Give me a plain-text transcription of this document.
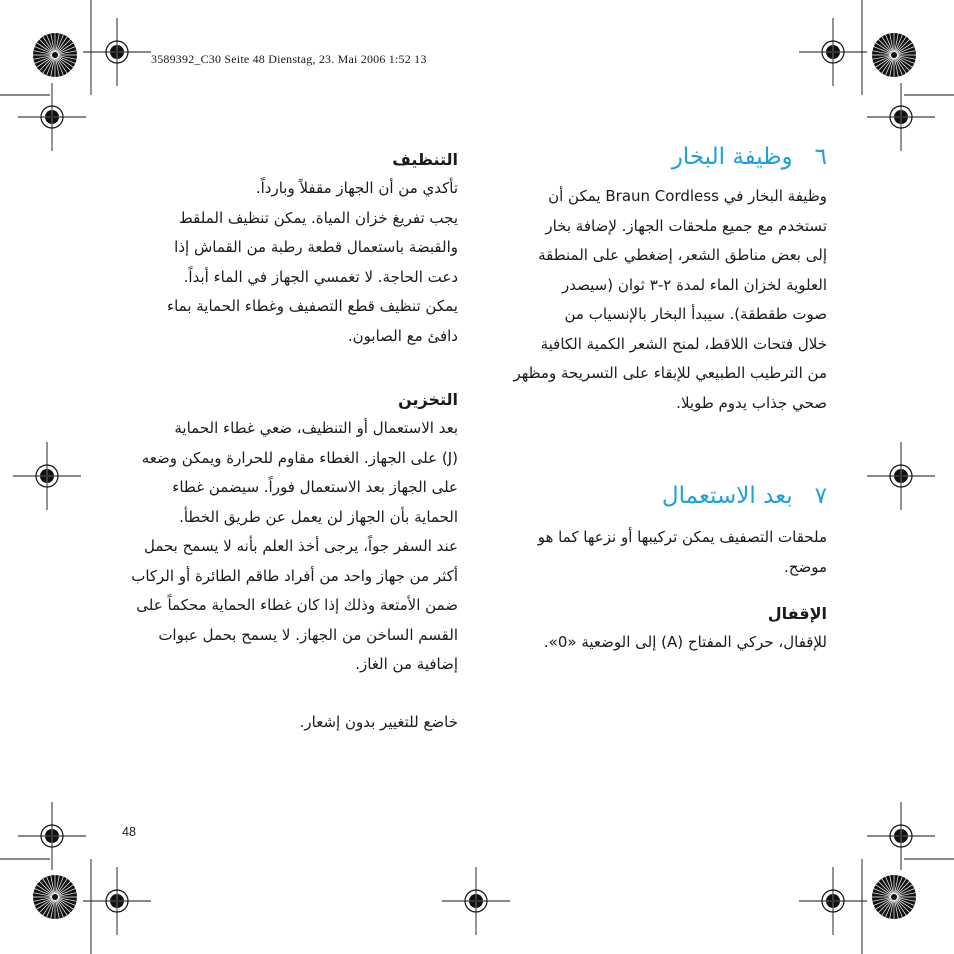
3589392_C30 Seite 48 Dienstag, 23. Mai 2006 1:52 13
٦وظيفة البخار

وظيفة البخار في Braun Cordless يمكن أن
تستخدم مع جميع ملحقات الجهاز. لإضافة بخار
إلى بعض مناطق الشعر، إضغطي على المنطقة
العلوية لخزان الماء لمدة ٢-٣ ثوان (سيصدر
صوت طقطقة). سيبدأ البخار بالإنسياب من
خلال فتحات اللاقط، لمنح الشعر الكمية الكافية
من الترطيب الطبيعي للإبقاء على التسريحة ومظهر
صحي جذاب يدوم طويلا.

٧بعد الاستعمال

ملحقات التصفيف يمكن تركيبها أو نزعها كما هو
موضح.

الإقفال

للإقفال، حركي المفتاح (A) إلى الوضعية «0».

التنظيف

تأكدي من أن الجهاز مقفلاً وبارداً.
يجب تفريغ خزان المياة. يمكن تنظيف الملقط
والقبضة باستعمال قطعة رطبة من القماش إذا
دعت الحاجة. لا تغمسي الجهاز في الماء أبداً.
يمكن تنظيف قطع التصفيف وغطاء الحماية بماء
دافئ مع الصابون.

التخزين

بعد الاستعمال أو التنظيف، ضعي غطاء الحماية
(J) على الجهاز. الغطاء مقاوم للحرارة ويمكن وضعه
على الجهاز بعد الاستعمال فوراً. سيضمن غطاء
الحماية بأن الجهاز لن يعمل عن طريق الخطأ.
عند السفر جواً، يرجى أخذ العلم بأنه لا يسمح بحمل
أكثر من جهاز واحد من أفراد طاقم الطائرة أو الركاب
ضمن الأمتعة وذلك إذا كان غطاء الحماية محكماً على
القسم الساخن من الجهاز. لا يسمح بحمل عبوات
إضافية من الغاز.

خاضع للتغيير بدون إشعار.

48
